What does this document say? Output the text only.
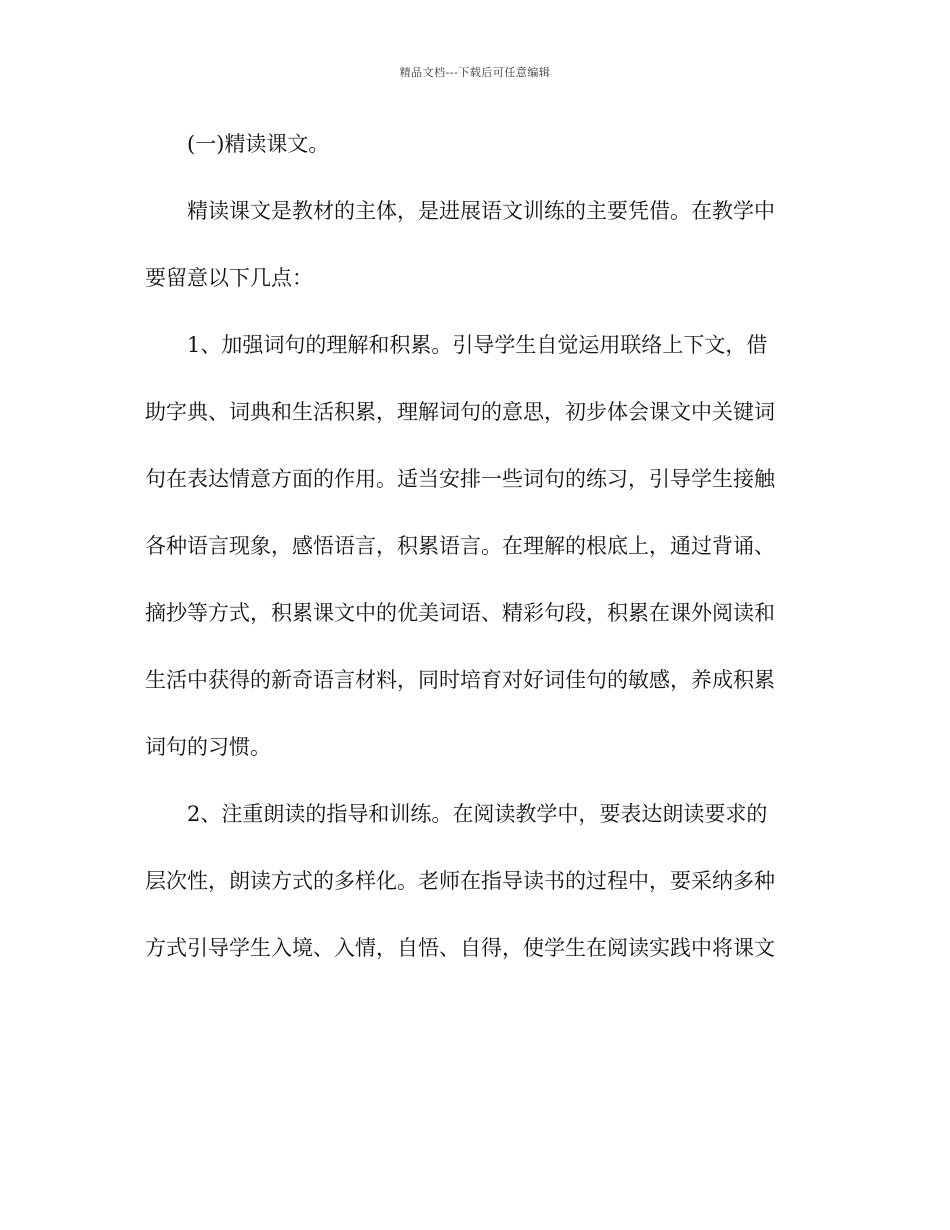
精品文档---下载后可任意编辑
(一)精读课文。
精读课文是教材的主体，是进展语文训练的主要凭借。在教学中
要留意以下几点：
1、加强词句的理解和积累。引导学生自觉运用联络上下文，借
助字典、词典和生活积累，理解词句的意思，初步体会课文中关键词
句在表达情意方面的作用。适当安排一些词句的练习，引导学生接触
各种语言现象，感悟语言，积累语言。在理解的根底上，通过背诵、
摘抄等方式，积累课文中的优美词语、精彩句段，积累在课外阅读和
生活中获得的新奇语言材料，同时培育对好词佳句的敏感，养成积累
词句的习惯。
2、注重朗读的指导和训练。在阅读教学中，要表达朗读要求的
层次性，朗读方式的多样化。老师在指导读书的过程中，要采纳多种
方式引导学生入境、入情，自悟、自得，使学生在阅读实践中将课文
